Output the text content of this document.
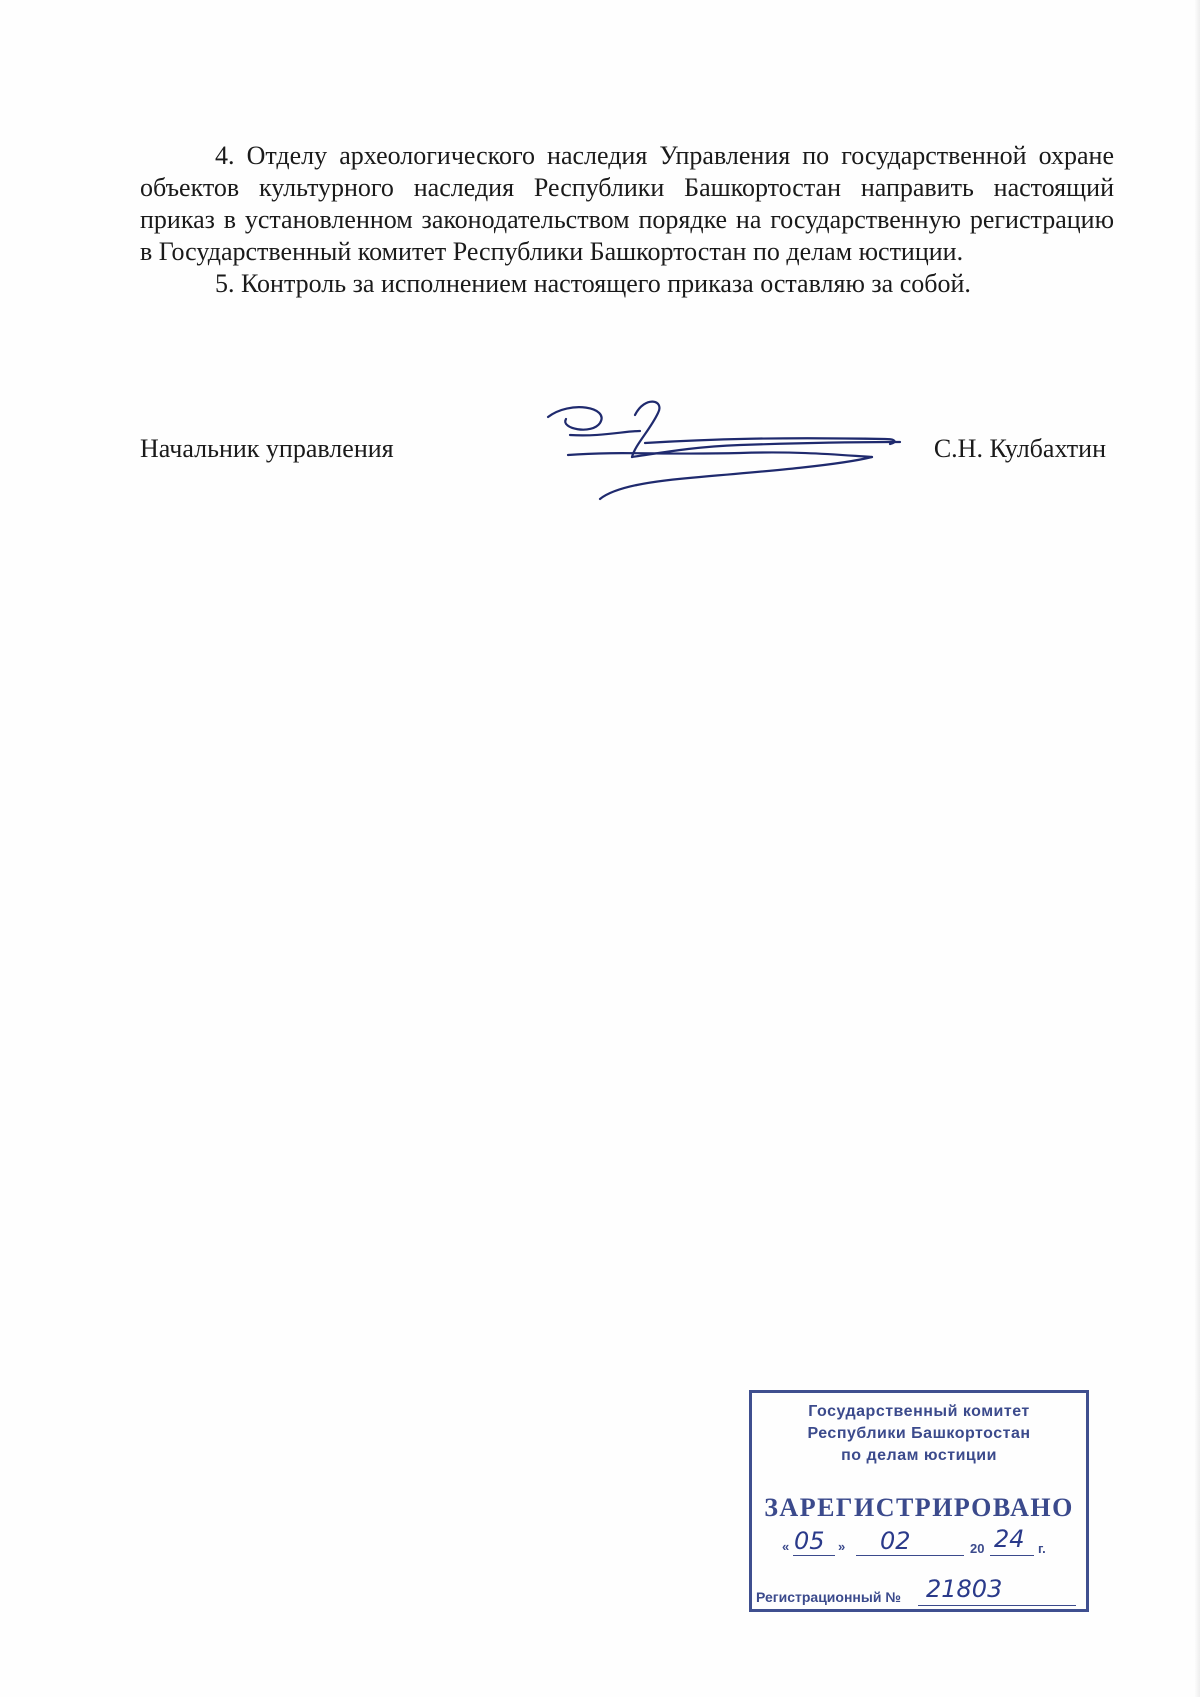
4. Отделу археологического наследия Управления по государственной охране объектов культурного наследия Республики Башкортостан направить настоящий приказ в установленном законодательством порядке на государственную регистрацию в Государственный комитет Республики Башкортостан по делам юстиции.

5. Контроль за исполнением настоящего приказа оставляю за собой.

Начальник управления	С.Н. Кулбахтин
Государственный комитет
Республики Башкортостан
по делам юстиции
ЗАРЕГИСТРИРОВАНО
« 05 » 02	20 24 г.
Регистрационный № 21803
